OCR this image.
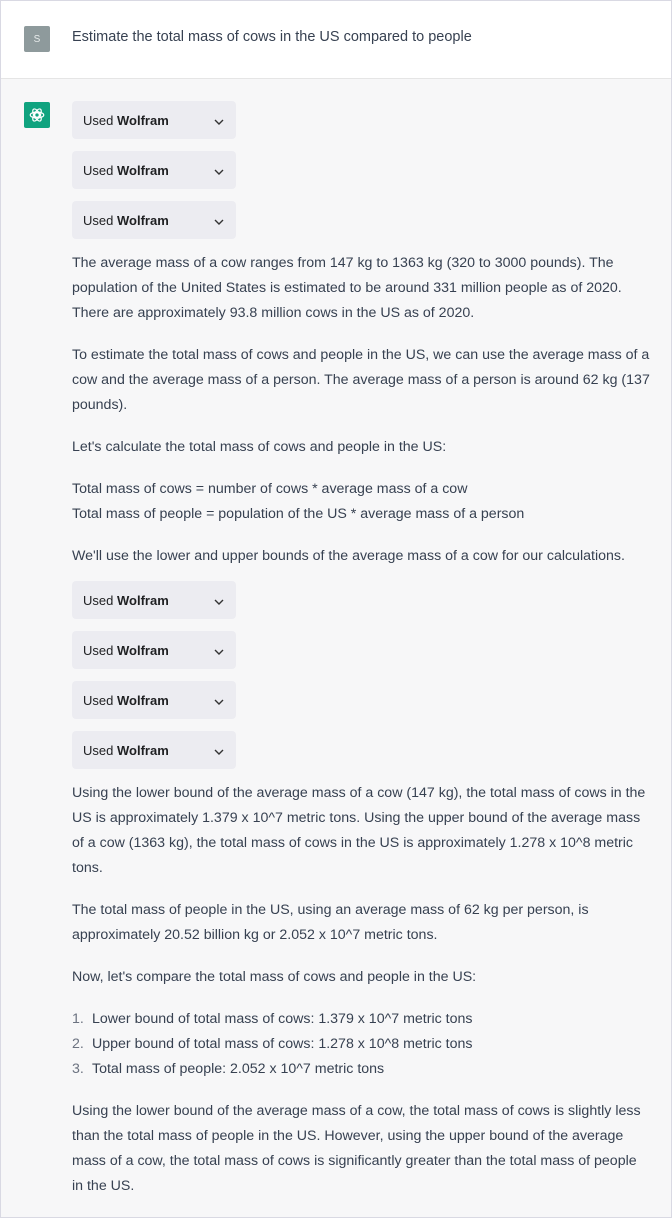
S	Estimate the total mass of cows in the US compared to people
Used Wolfram
Used Wolfram
Used Wolfram

The average mass of a cow ranges from 147 kg to 1363 kg (320 to 3000 pounds). The population of the United States is estimated to be around 331 million people as of 2020. There are approximately 93.8 million cows in the US as of 2020.

To estimate the total mass of cows and people in the US, we can use the average mass of a cow and the average mass of a person. The average mass of a person is around 62 kg (137 pounds).

Let's calculate the total mass of cows and people in the US:

Total mass of cows = number of cows * average mass of a cow
Total mass of people = population of the US * average mass of a person

We'll use the lower and upper bounds of the average mass of a cow for our calculations.

Used Wolfram
Used Wolfram
Used Wolfram
Used Wolfram

Using the lower bound of the average mass of a cow (147 kg), the total mass of cows in the US is approximately 1.379 x 10^7 metric tons. Using the upper bound of the average mass of a cow (1363 kg), the total mass of cows in the US is approximately 1.278 x 10^8 metric tons.

The total mass of people in the US, using an average mass of 62 kg per person, is approximately 20.52 billion kg or 2.052 x 10^7 metric tons.

Now, let's compare the total mass of cows and people in the US:

1. Lower bound of total mass of cows: 1.379 x 10^7 metric tons
2. Upper bound of total mass of cows: 1.278 x 10^8 metric tons
3. Total mass of people: 2.052 x 10^7 metric tons

Using the lower bound of the average mass of a cow, the total mass of cows is slightly less than the total mass of people in the US. However, using the upper bound of the average mass of a cow, the total mass of cows is significantly greater than the total mass of people in the US.
